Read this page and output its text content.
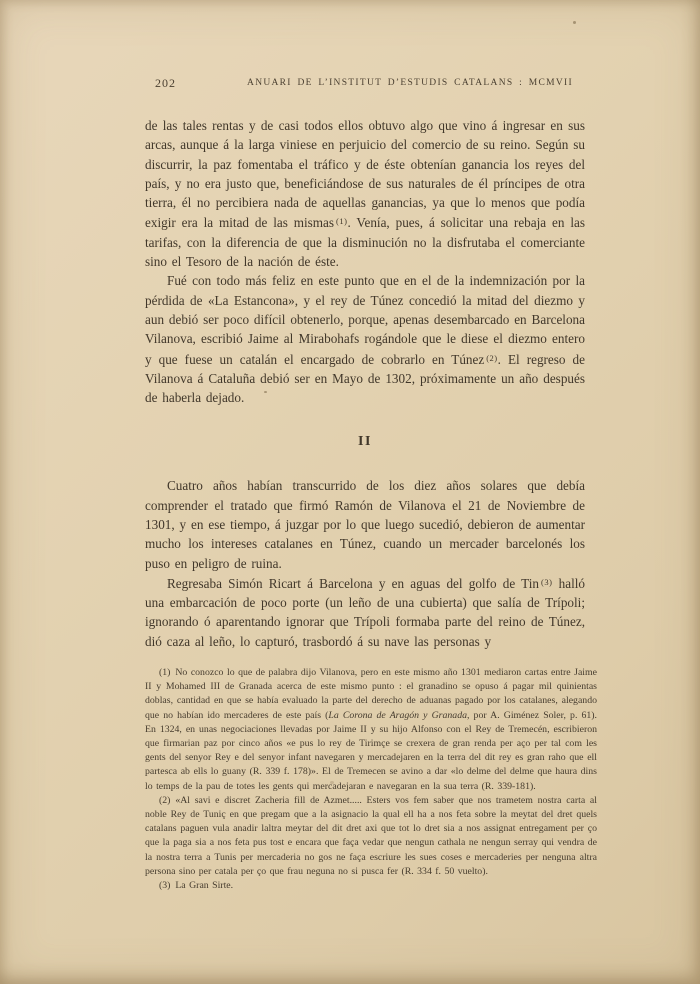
202	ANUARI DE L’INSTITUT D’ESTUDIS CATALANS : MCMVII

de las tales rentas y de casi todos ellos obtuvo algo que vino á ingresar en sus arcas, aunque á la larga viniese en perjuicio del comercio de su reino. Según su discurrir, la paz fomentaba el tráfico y de éste obtenían ganancia los reyes del país, y no era justo que, beneficiándose de sus naturales de él príncipes de otra tierra, él no percibiera nada de aquellas ganancias, ya que lo menos que podía exigir era la mitad de las mismas $^{(1)}$. Venía, pues, á solicitar una rebaja en las tarifas, con la diferencia de que la disminución no la disfrutaba el comerciante sino el Tesoro de la nación de éste.

Fué con todo más feliz en este punto que en el de la indemnización por la pérdida de «La Estancona», y el rey de Túnez concedió la mitad del diezmo y aun debió ser poco difícil obtenerlo, porque, apenas desembarcado en Barcelona Vilanova, escribió Jaime al Mirabohafs rogándole que le diese el diezmo entero y que fuese un catalán el encargado de cobrarlo en Túnez $^{(2)}$. El regreso de Vilanova á Cataluña debió ser en Mayo de 1302, próximamente un año después de haberla dejado.

II

Cuatro años habían transcurrido de los diez años solares que debía comprender el tratado que firmó Ramón de Vilanova el 21 de Noviembre de 1301, y en ese tiempo, á juzgar por lo que luego sucedió, debieron de aumentar mucho los intereses catalanes en Túnez, cuando un mercader barcelonés los puso en peligro de ruina.

Regresaba Simón Ricart á Barcelona y en aguas del golfo de Tin $^{(3)}$ halló una embarcación de poco porte (un leño de una cubierta) que salía de Trípoli; ignorando ó aparentando ignorar que Trípoli formaba parte del reino de Túnez, dió caza al leño, lo capturó, trasbordó á su nave las personas y

(1) No conozco lo que de palabra dijo Vilanova, pero en este mismo año 1301 mediaron cartas entre Jaime II y Mohamed III de Granada acerca de este mismo punto : el granadino se opuso á pagar mil quinientas doblas, cantidad en que se había evaluado la parte del derecho de aduanas pagado por los catalanes, alegando que no habían ido mercaderes de este país (La Corona de Aragón y Granada, por A. Giménez Soler, p. 61). En 1324, en unas negociaciones llevadas por Jaime II y su hijo Alfonso con el Rey de Tremecén, escribieron que firmarian paz por cinco años «e pus lo rey de Tirimçe se crexera de gran renda per aço per tal com les gents del senyor Rey e del senyor infant navegaren y mercadejaren en la terra del dit rey es gran raho que ell partesca ab ells lo guany (R. 339 f. 178)». El de Tremecen se avino a dar «lo delme del delme que haura dins lo temps de la pau de totes les gents qui mercadejaran e navegaran en la sua terra (R. 339-181).

(2) «Al savi e discret Zacheria fill de Azmet..... Esters vos fem saber que nos trametem nostra carta al noble Rey de Tuniç en que pregam que a la asignacio la qual ell ha a nos feta sobre la meytat del dret quels catalans paguen vula anadir laltra meytar del dit dret axi que tot lo dret sia a nos assignat entregament per ço que la paga sia a nos feta pus tost e encara que faça vedar que nengun cathala ne nengun serray qui vendra de la nostra terra a Tunis per mercaderia no gos ne faça escriure les sues coses e mercaderies per nenguna altra persona sino per catala per ço que frau neguna no si pusca fer (R. 334 f. 50 vuelto).

(3) La Gran Sirte.
